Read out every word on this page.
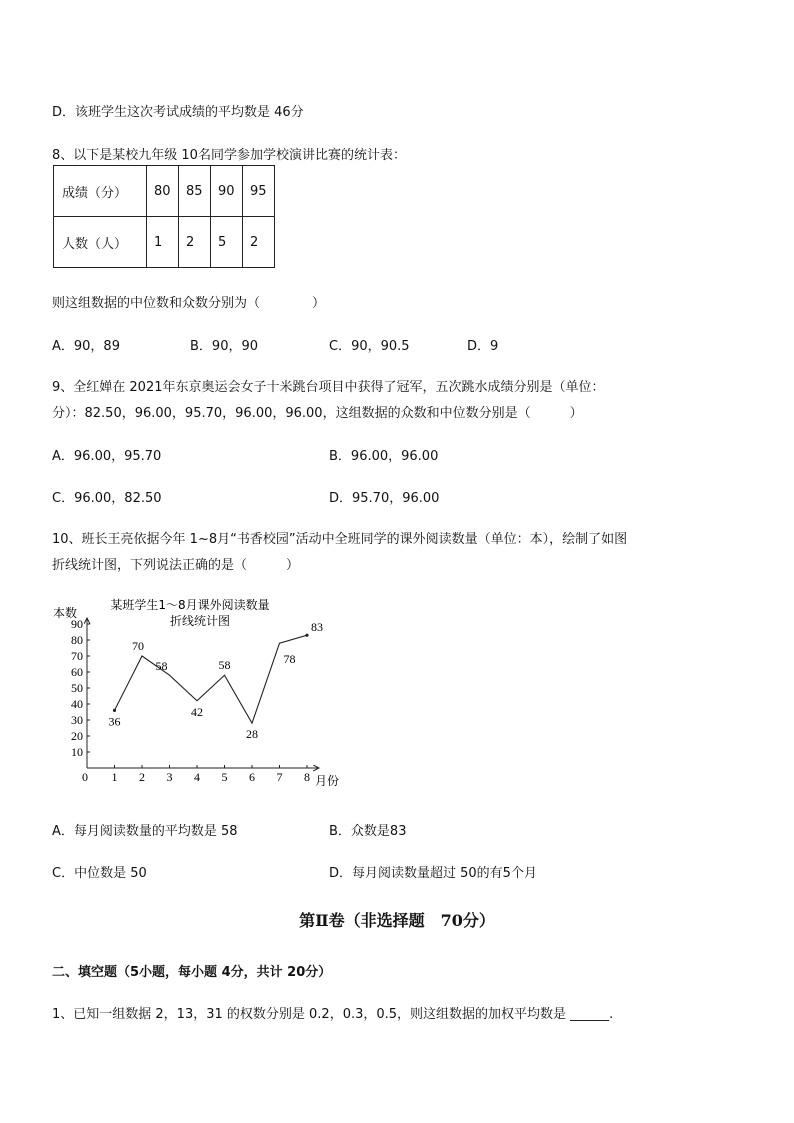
D．该班学生这次考试成绩的平均数是 46分
8、以下是某校九年级 10名同学参加学校演讲比赛的统计表：
成绩（分）	80	85	90	95
人数（人）	1	2	5	2
则这组数据的中位数和众数分别为（　　　　）
A．90，89	B．90，90	C．90，90.5	D．9
9、全红婵在 2021年东京奥运会女子十米跳台项目中获得了冠军，五次跳水成绩分别是（单位：
分）：82.50，96.00，95.70，96.00，96.00，这组数据的众数和中位数分别是（　　　）
A．96.00，95.70	B．96.00，96.00
C．96.00，82.50	D．95.70，96.00
10、班长王亮依据今年 1~8月“书香校园”活动中全班同学的课外阅读数量（单位：本），绘制了如图
折线统计图，下列说法正确的是（　　　）
某班学生1～8月课外阅读数量
折线统计图
本数
月份
10
20
30
40
50
60
70
80
90
0 1 2 3 4 5 6 7 8
36
70
58
42
58
28
78
83
A．每月阅读数量的平均数是 58	B．众数是83
C．中位数是 50	D．每月阅读数量超过 50的有5个月
第Ⅱ卷（非选择题　70分）
二、填空题（5小题，每小题 4分，共计 20分）
1、已知一组数据 2，13，31 的权数分别是 0.2，0.3，0.5，则这组数据的加权平均数是 ______.
